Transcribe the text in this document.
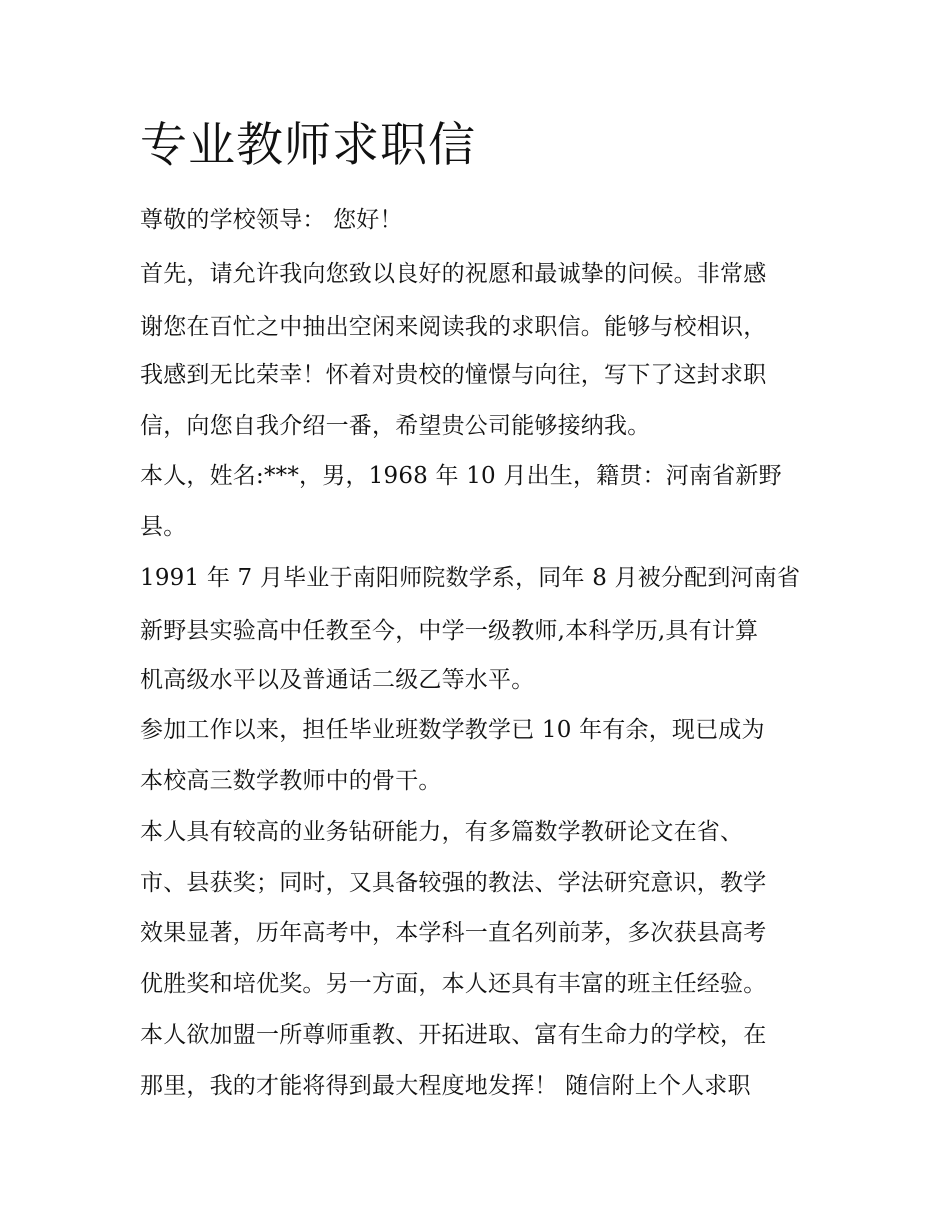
专业教师求职信

尊敬的学校领导： 您好！

首先，请允许我向您致以良好的祝愿和最诚挚的问候。非常感

谢您在百忙之中抽出空闲来阅读我的求职信。能够与校相识，

我感到无比荣幸！怀着对贵校的憧憬与向往，写下了这封求职

信，向您自我介绍一番，希望贵公司能够接纳我。

本人，姓名:***，男，1968 年 10 月出生，籍贯：河南省新野

县。

1991 年 7 月毕业于南阳师院数学系，同年 8 月被分配到河南省

新野县实验高中任教至今，中学一级教师,本科学历,具有计算

机高级水平以及普通话二级乙等水平。

参加工作以来，担任毕业班数学教学已 10 年有余，现已成为

本校高三数学教师中的骨干。

本人具有较高的业务钻研能力，有多篇数学教研论文在省、

市、县获奖；同时，又具备较强的教法、学法研究意识，教学

效果显著，历年高考中，本学科一直名列前茅，多次获县高考

优胜奖和培优奖。另一方面，本人还具有丰富的班主任经验。

本人欲加盟一所尊师重教、开拓进取、富有生命力的学校，在

那里，我的才能将得到最大程度地发挥！ 随信附上个人求职
